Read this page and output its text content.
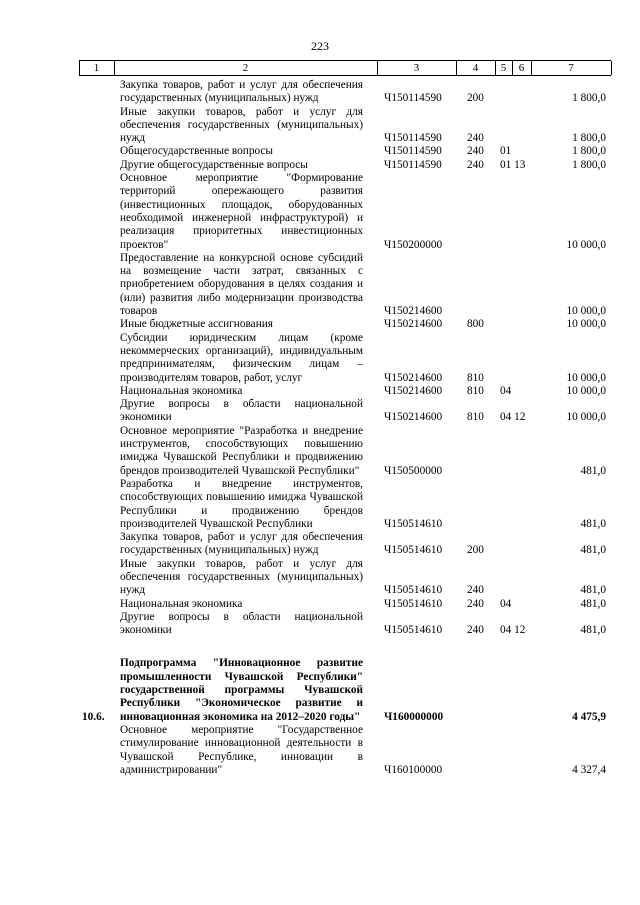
223
1	2	3	4	5	6	7
Закупка товаров, работ и услуг для обеспечения государственных (муниципальных) нужд	Ч150114590 200	1 800,0
Иные закупки товаров, работ и услуг для обеспечения государственных (муниципальных) нужд	Ч150114590 240	1 800,0
Общегосударственные вопросы	Ч150114590 240 01	1 800,0
Другие общегосударственные вопросы	Ч150114590 240 01 13	1 800,0
Основное мероприятие "Формирование территорий опережающего развития (инвестиционных площадок, оборудованных необходимой инженерной инфраструктурой) и реализация приоритетных инвестиционных проектов"	Ч150200000	10 000,0
Предоставление на конкурсной основе субсидий на возмещение части затрат, связанных с приобретением оборудования в целях создания и (или) развития либо модернизации производства товаров	Ч150214600	10 000,0
Иные бюджетные ассигнования	Ч150214600 800	10 000,0
Субсидии юридическим лицам (кроме некоммерческих организаций), индивидуальным предпринимателям, физическим лицам – производителям товаров, работ, услуг	Ч150214600 810	10 000,0
Национальная экономика	Ч150214600 810 04	10 000,0
Другие вопросы в области национальной экономики	Ч150214600 810 04 12	10 000,0
Основное мероприятие "Разработка и внедрение инструментов, способствующих повышению имиджа Чувашской Республики и продвижению брендов производителей Чувашской Республики"	Ч150500000	481,0
Разработка и внедрение инструментов, способствующих повышению имиджа Чувашской Республики и продвижению брендов производителей Чувашской Республики	Ч150514610	481,0
Закупка товаров, работ и услуг для обеспечения государственных (муниципальных) нужд	Ч150514610 200	481,0
Иные закупки товаров, работ и услуг для обеспечения государственных (муниципальных) нужд	Ч150514610 240	481,0
Национальная экономика	Ч150514610 240 04	481,0
Другие вопросы в области национальной экономики	Ч150514610 240 04 12	481,0
10.6.
Подпрограмма "Инновационное развитие промышленности Чувашской Республики" государственной программы Чувашской Республики "Экономическое развитие и инновационная экономика на 2012–2020 годы" Ч160000000	4 475,9
Основное мероприятие "Государственное стимулирование инновационной деятельности в Чувашской Республике, инновации в администрировании"	Ч160100000	4 327,4
